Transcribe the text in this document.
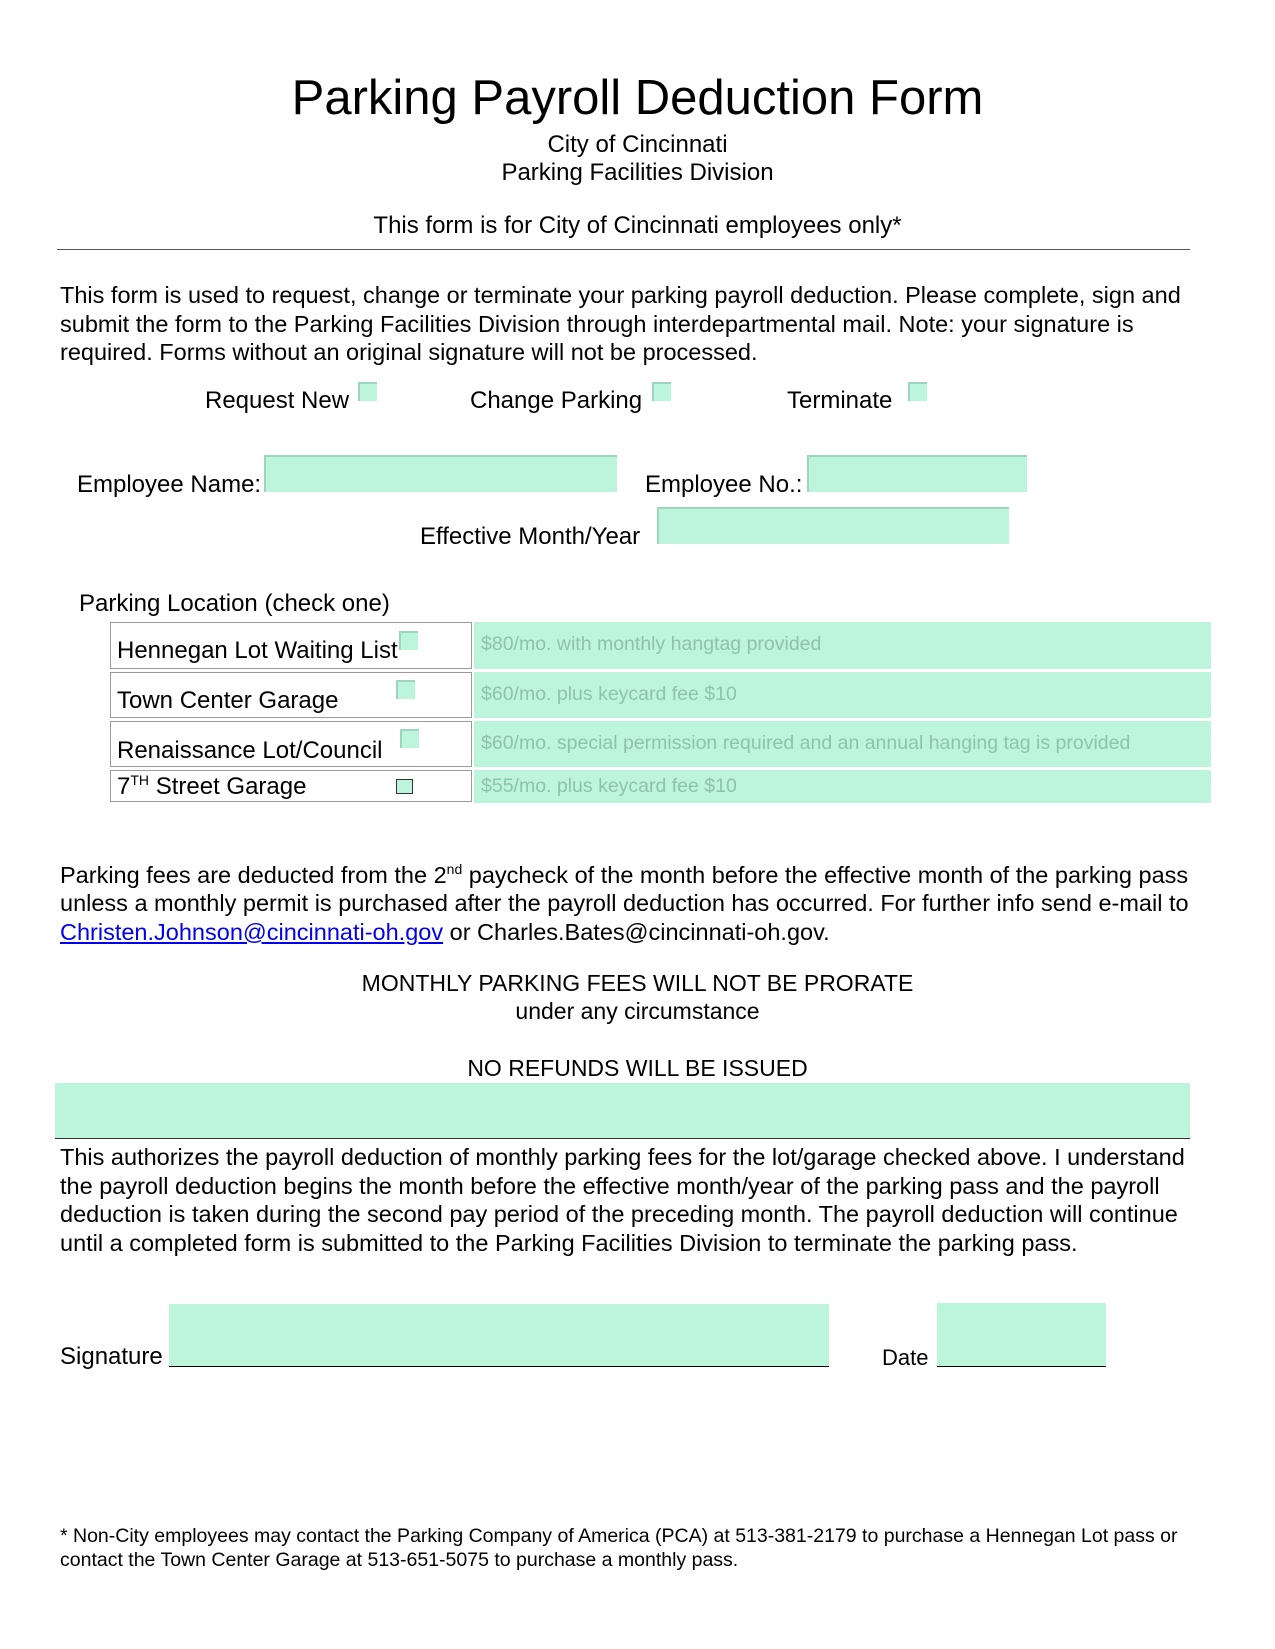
Parking Payroll Deduction Form
City of Cincinnati
Parking Facilities Division
This form is for City of Cincinnati employees only*

This form is used to request, change or terminate your parking payroll deduction. Please complete, sign and submit the form to the Parking Facilities Division through interdepartmental mail. Note: your signature is required. Forms without an original signature will not be processed.

Request New	Change Parking	Terminate
Employee Name:	Employee No.:
Effective Month/Year
Parking Location (check one)
Hennegan Lot Waiting List	$80/mo. with monthly hangtag provided
Town Center Garage	$60/mo. plus keycard fee $10
Renaissance Lot/Council	$60/mo. special permission required and an annual hanging tag is provided
7TH Street Garage	$55/mo. plus keycard fee $10

Parking fees are deducted from the 2nd paycheck of the month before the effective month of the parking pass unless a monthly permit is purchased after the payroll deduction has occurred. For further info send e-mail to Christen.Johnson@cincinnati-oh.gov or Charles.Bates@cincinnati-oh.gov.

MONTHLY PARKING FEES WILL NOT BE PRORATE
under any circumstance
NO REFUNDS WILL BE ISSUED

This authorizes the payroll deduction of monthly parking fees for the lot/garage checked above. I understand the payroll deduction begins the month before the effective month/year of the parking pass and the payroll deduction is taken during the second pay period of the preceding month. The payroll deduction will continue until a completed form is submitted to the Parking Facilities Division to terminate the parking pass.

Signature	Date
* Non-City employees may contact the Parking Company of America (PCA) at 513-381-2179 to purchase a Hennegan Lot pass or contact the Town Center Garage at 513-651-5075 to purchase a monthly pass.
